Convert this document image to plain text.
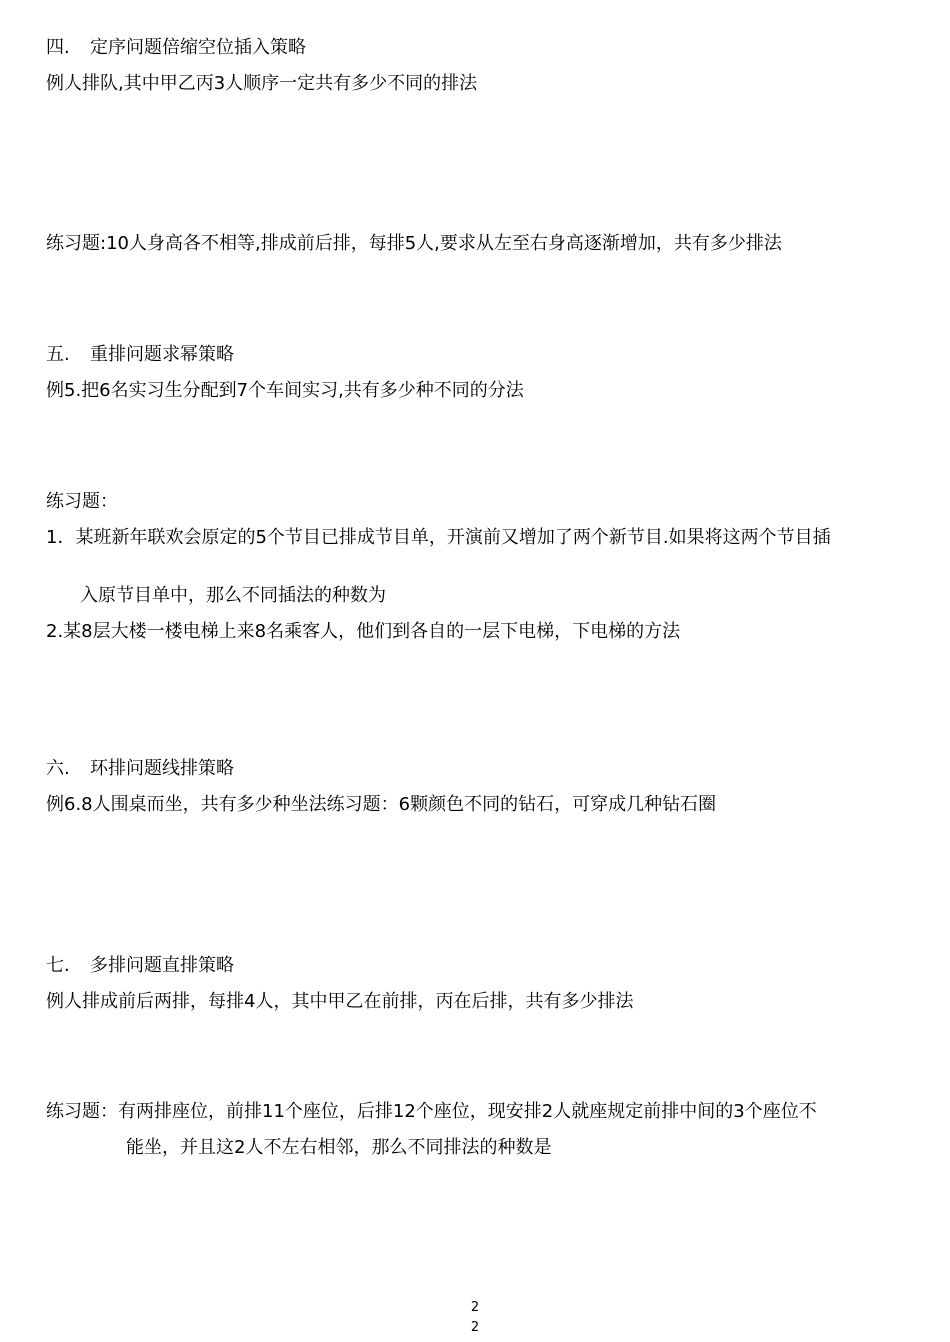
四. 定序问题倍缩空位插入策略
例人排队,其中甲乙丙3人顺序一定共有多少不同的排法
练习题:10人身高各不相等,排成前后排，每排5人,要求从左至右身高逐渐增加，共有多少排法
五. 重排问题求幂策略
例5.把6名实习生分配到7个车间实习,共有多少种不同的分法
练习题：
1．某班新年联欢会原定的5个节目已排成节目单，开演前又增加了两个新节目.如果将这两个节目插
入原节目单中，那么不同插法的种数为
2.某8层大楼一楼电梯上来8名乘客人，他们到各自的一层下电梯，下电梯的方法
六. 环排问题线排策略
例6.8人围桌而坐，共有多少种坐法练习题：6颗颜色不同的钻石，可穿成几种钻石圈
七. 多排问题直排策略
例人排成前后两排，每排4人，其中甲乙在前排，丙在后排，共有多少排法
练习题：有两排座位，前排11个座位，后排12个座位，现安排2人就座规定前排中间的3个座位不
能坐，并且这2人不左右相邻，那么不同排法的种数是
2
2
